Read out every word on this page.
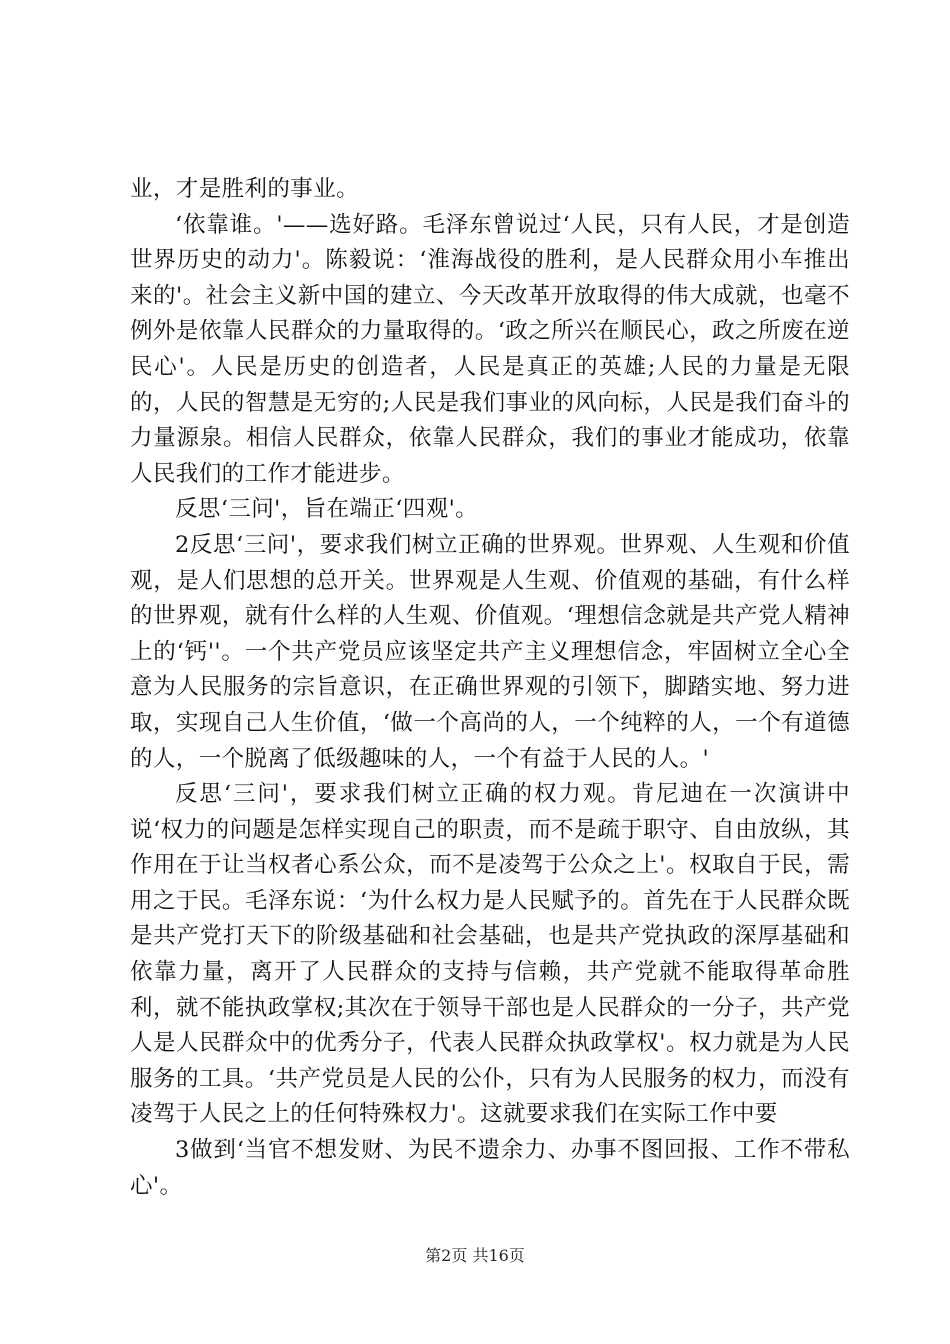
业，才是胜利的事业。

‘依靠谁。'——选好路。毛泽东曾说过‘人民，只有人民，才是创造世界历史的动力'。陈毅说：‘淮海战役的胜利，是人民群众用小车推出来的'。社会主义新中国的建立、今天改革开放取得的伟大成就，也毫不例外是依靠人民群众的力量取得的。‘政之所兴在顺民心，政之所废在逆民心'。人民是历史的创造者，人民是真正的英雄;人民的力量是无限的，人民的智慧是无穷的;人民是我们事业的风向标，人民是我们奋斗的力量源泉。相信人民群众，依靠人民群众，我们的事业才能成功，依靠人民我们的工作才能进步。

反思‘三问'，旨在端正‘四观'。

2反思‘三问'，要求我们树立正确的世界观。世界观、人生观和价值观，是人们思想的总开关。世界观是人生观、价值观的基础，有什么样的世界观，就有什么样的人生观、价值观。‘理想信念就是共产党人精神上的‘钙''。一个共产党员应该坚定共产主义理想信念，牢固树立全心全意为人民服务的宗旨意识，在正确世界观的引领下，脚踏实地、努力进取，实现自己人生价值，‘做一个高尚的人，一个纯粹的人，一个有道德的人，一个脱离了低级趣味的人，一个有益于人民的人。'

反思‘三问'，要求我们树立正确的权力观。肯尼迪在一次演讲中说‘权力的问题是怎样实现自己的职责，而不是疏于职守、自由放纵，其作用在于让当权者心系公众，而不是凌驾于公众之上'。权取自于民，需用之于民。毛泽东说：‘为什么权力是人民赋予的。首先在于人民群众既是共产党打天下的阶级基础和社会基础，也是共产党执政的深厚基础和依靠力量，离开了人民群众的支持与信赖，共产党就不能取得革命胜利，就不能执政掌权;其次在于领导干部也是人民群众的一分子，共产党人是人民群众中的优秀分子，代表人民群众执政掌权'。权力就是为人民服务的工具。‘共产党员是人民的公仆，只有为人民服务的权力，而没有凌驾于人民之上的任何特殊权力'。这就要求我们在实际工作中要

3做到‘当官不想发财、为民不遗余力、办事不图回报、工作不带私心'。

第2页 共16页
